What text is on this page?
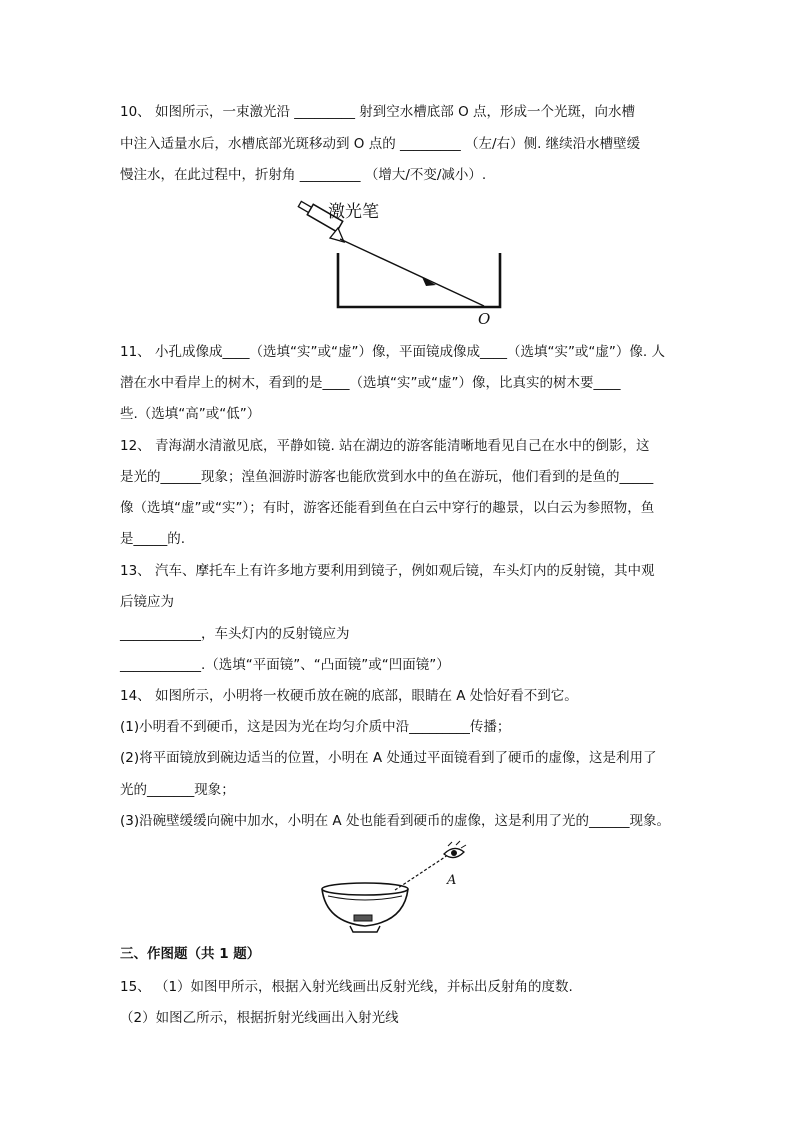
10、 如图所示，一束激光沿 _________ 射到空水槽底部 O 点，形成一个光斑，向水槽
中注入适量水后，水槽底部光斑移动到 O 点的 _________ （左/右）侧. 继续沿水槽壁缓
慢注水，在此过程中，折射角 _________ （增大/不变/减小）.
激光笔
O
11、 小孔成像成____（选填“实”或“虚”）像，平面镜成像成____（选填“实”或“虚”）像. 人
潜在水中看岸上的树木，看到的是____（选填“实”或“虚”）像，比真实的树木要____
些.（选填“高”或“低”）
12、 青海湖水清澈见底，平静如镜. 站在湖边的游客能清晰地看见自己在水中的倒影，这
是光的______现象；湟鱼洄游时游客也能欣赏到水中的鱼在游玩，他们看到的是鱼的_____
像（选填“虚”或“实”）；有时，游客还能看到鱼在白云中穿行的趣景，以白云为参照物，鱼
是_____的.
13、 汽车、摩托车上有许多地方要利用到镜子，例如观后镜，车头灯内的反射镜，其中观
后镜应为
____________，车头灯内的反射镜应为
____________.（选填“平面镜”、“凸面镜”或“凹面镜”）
14、 如图所示，小明将一枚硬币放在碗的底部，眼睛在 A 处恰好看不到它。
(1)小明看不到硬币，这是因为光在均匀介质中沿_________传播；
(2)将平面镜放到碗边适当的位置，小明在 A 处通过平面镜看到了硬币的虚像，这是利用了
光的_______现象；
(3)沿碗壁缓缓向碗中加水，小明在 A 处也能看到硬币的虚像，这是利用了光的______现象。
A
三、作图题（共 1 题）
15、 （1）如图甲所示，根据入射光线画出反射光线，并标出反射角的度数.
（2）如图乙所示，根据折射光线画出入射光线
